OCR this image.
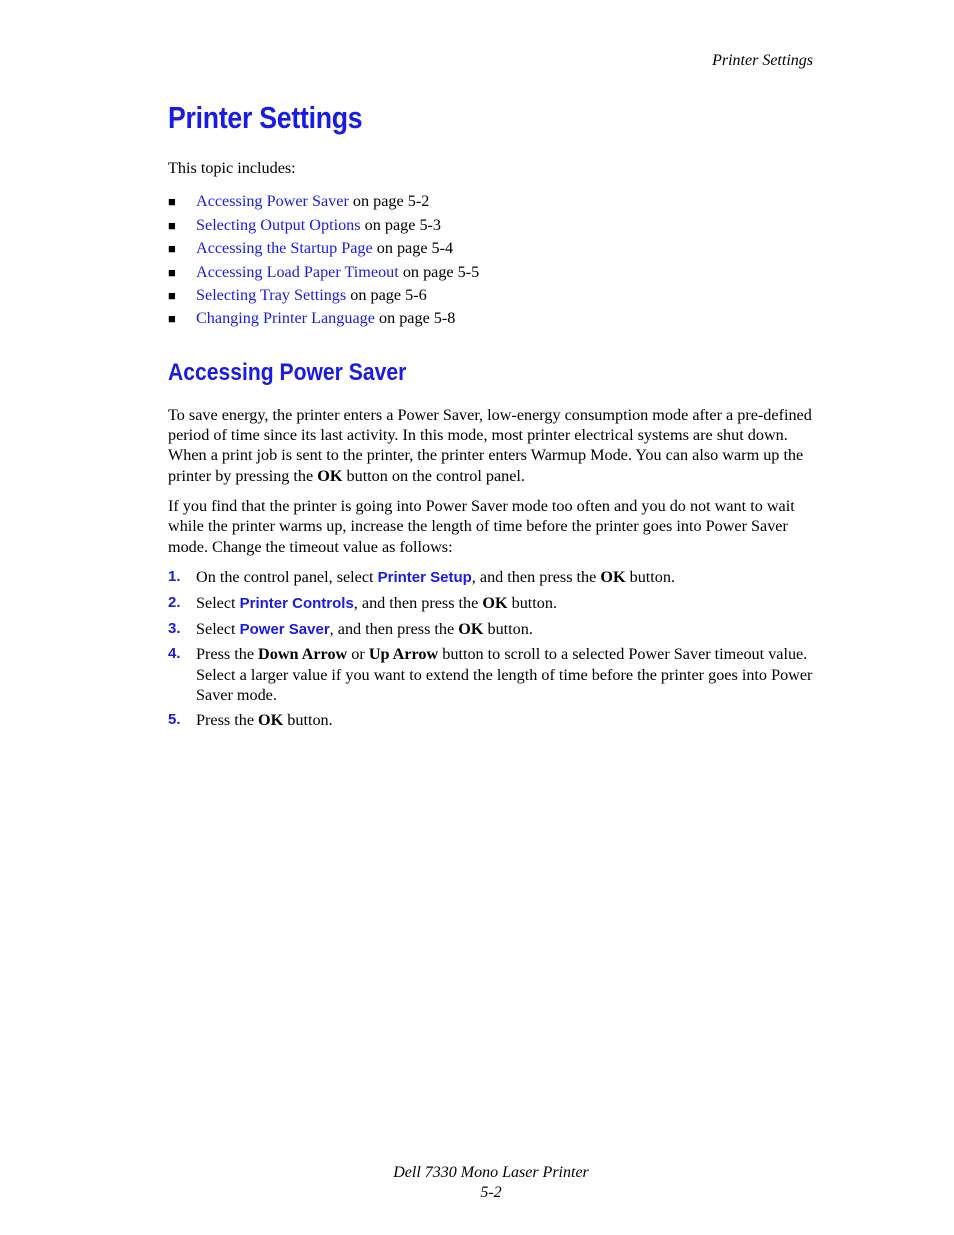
Printer Settings
Printer Settings

This topic includes:

■ Accessing Power Saver on page 5-2
■ Selecting Output Options on page 5-3
■ Accessing the Startup Page on page 5-4
■ Accessing Load Paper Timeout on page 5-5
■ Selecting Tray Settings on page 5-6
■ Changing Printer Language on page 5-8
Accessing Power Saver

To save energy, the printer enters a Power Saver, low-energy consumption mode after a pre-defined period of time since its last activity. In this mode, most printer electrical systems are shut down. When a print job is sent to the printer, the printer enters Warmup Mode. You can also warm up the printer by pressing the OK button on the control panel.

If you find that the printer is going into Power Saver mode too often and you do not want to wait while the printer warms up, increase the length of time before the printer goes into Power Saver mode. Change the timeout value as follows:

1. On the control panel, select Printer Setup, and then press the OK button.
2. Select Printer Controls, and then press the OK button.
3. Select Power Saver, and then press the OK button.
4. Press the Down Arrow or Up Arrow button to scroll to a selected Power Saver timeout value. Select a larger value if you want to extend the length of time before the printer goes into Power Saver mode.
5. Press the OK button.
Dell 7330 Mono Laser Printer
5-2
